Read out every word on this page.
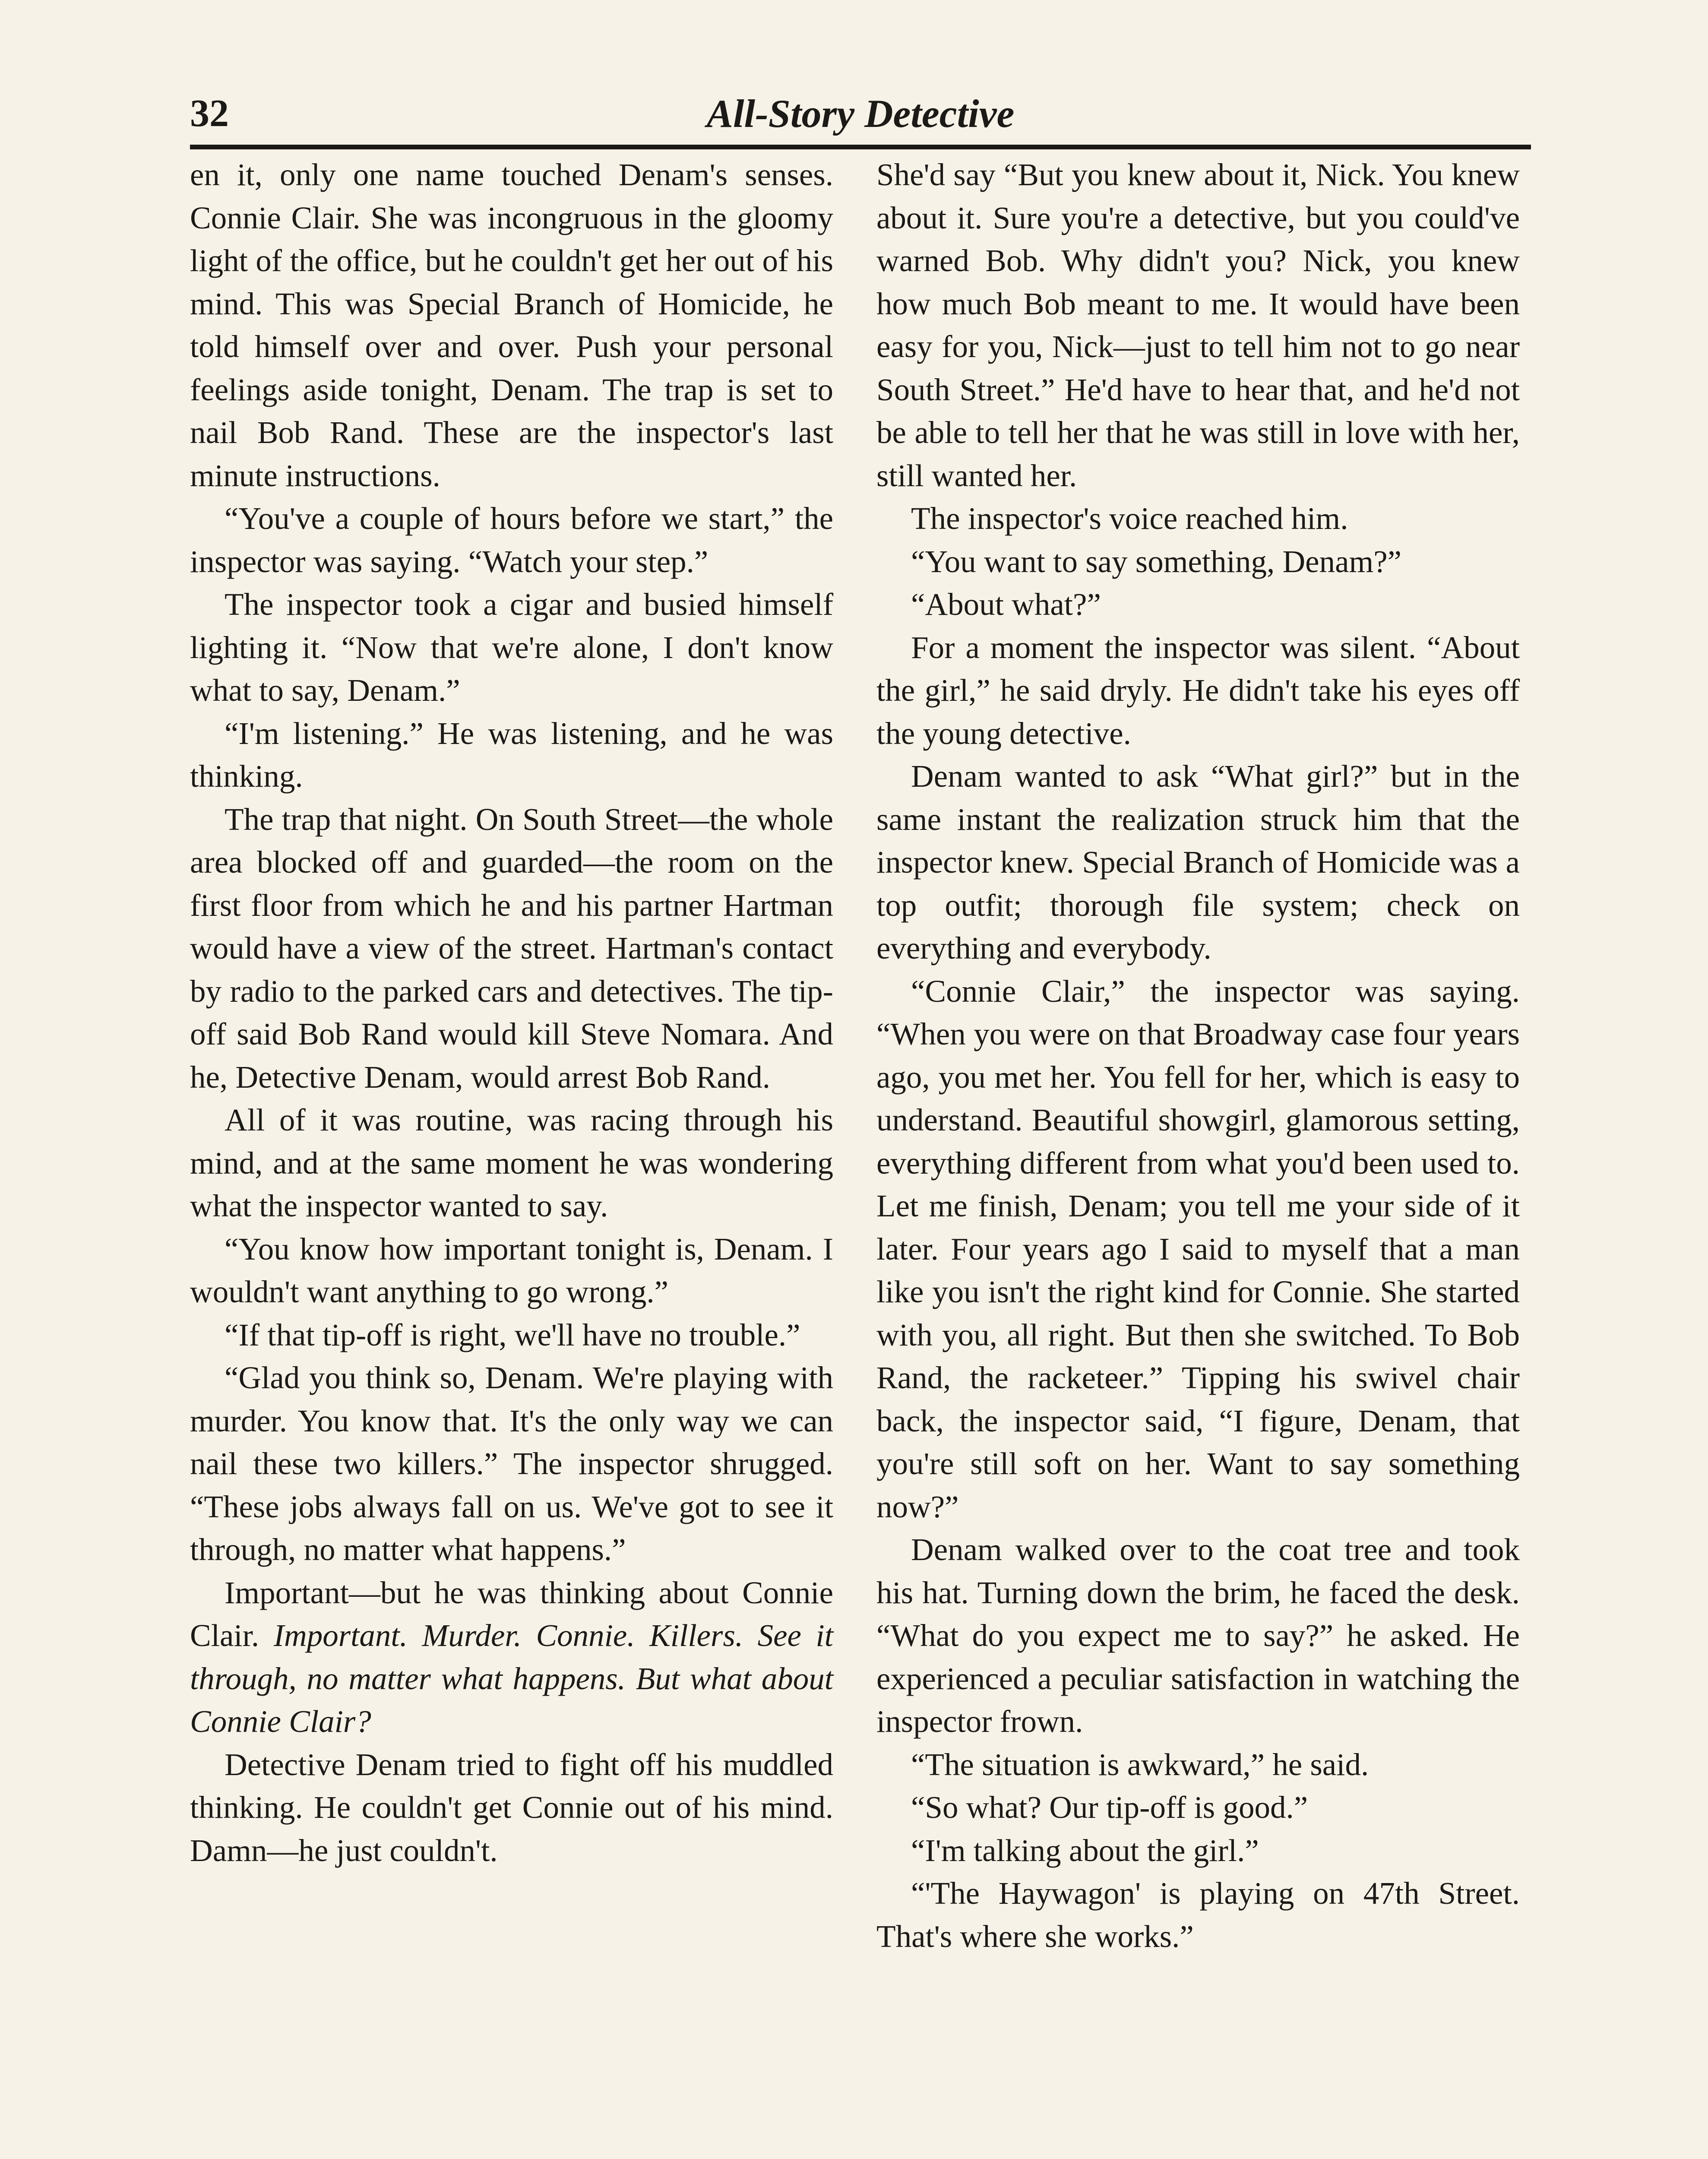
32	All-Story Detective

en it, only one name touched Denam's senses. Connie Clair. She was incongruous in the gloomy light of the office, but he couldn't get her out of his mind. This was Special Branch of Homicide, he told himself over and over. Push your personal feelings aside tonight, Denam. The trap is set to nail Bob Rand. These are the inspector's last minute instructions.

“You've a couple of hours before we start,” the inspector was saying. “Watch your step.”

The inspector took a cigar and busied himself lighting it. “Now that we're alone, I don't know what to say, Denam.”

“I'm listening.” He was listening, and he was thinking.

The trap that night. On South Street—the whole area blocked off and guarded—the room on the first floor from which he and his partner Hartman would have a view of the street. Hartman's contact by radio to the parked cars and detectives. The tip-off said Bob Rand would kill Steve Nomara. And he, Detective Denam, would arrest Bob Rand.

All of it was routine, was racing through his mind, and at the same moment he was wondering what the inspector wanted to say.

“You know how important tonight is, Denam. I wouldn't want anything to go wrong.”

“If that tip-off is right, we'll have no trouble.”

“Glad you think so, Denam. We're playing with murder. You know that. It's the only way we can nail these two killers.” The inspector shrugged. “These jobs always fall on us. We've got to see it through, no matter what happens.”

Important—but he was thinking about Connie Clair. Important. Murder. Connie. Killers. See it through, no matter what happens. But what about Connie Clair?

Detective Denam tried to fight off his muddled thinking. He couldn't get Connie out of his mind. Damn—he just couldn't.

She'd say “But you knew about it, Nick. You knew about it. Sure you're a detective, but you could've warned Bob. Why didn't you? Nick, you knew how much Bob meant to me. It would have been easy for you, Nick—just to tell him not to go near South Street.” He'd have to hear that, and he'd not be able to tell her that he was still in love with her, still wanted her.

The inspector's voice reached him.

“You want to say something, Denam?”

“About what?”

For a moment the inspector was silent. “About the girl,” he said dryly. He didn't take his eyes off the young detective.

Denam wanted to ask “What girl?” but in the same instant the realization struck him that the inspector knew. Special Branch of Homicide was a top outfit; thorough file system; check on everything and everybody.

“Connie Clair,” the inspector was saying. “When you were on that Broadway case four years ago, you met her. You fell for her, which is easy to understand. Beautiful showgirl, glamorous setting, everything different from what you'd been used to. Let me finish, Denam; you tell me your side of it later. Four years ago I said to myself that a man like you isn't the right kind for Connie. She started with you, all right. But then she switched. To Bob Rand, the racketeer.” Tipping his swivel chair back, the inspector said, “I figure, Denam, that you're still soft on her. Want to say something now?”

Denam walked over to the coat tree and took his hat. Turning down the brim, he faced the desk. “What do you expect me to say?” he asked. He experienced a peculiar satisfaction in watching the inspector frown.

“The situation is awkward,” he said.

“So what? Our tip-off is good.”

“I'm talking about the girl.”

“'The Haywagon' is playing on 47th Street. That's where she works.”
